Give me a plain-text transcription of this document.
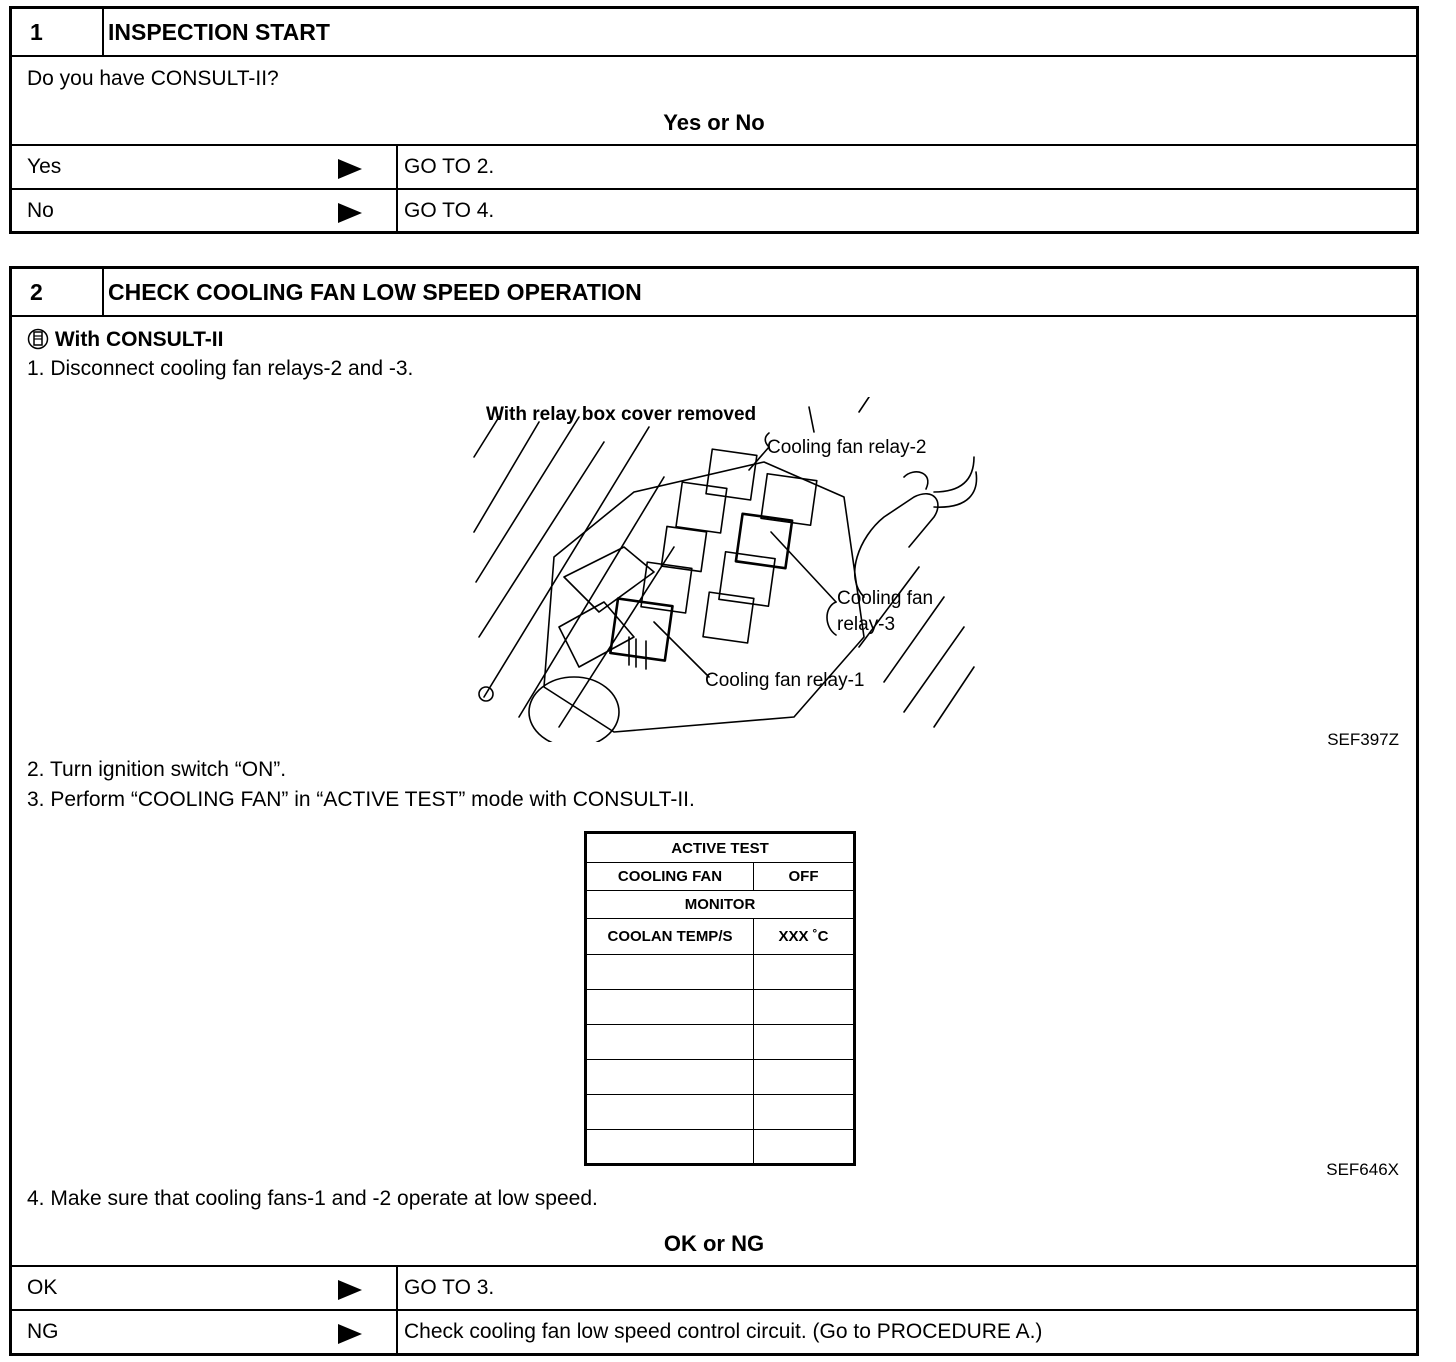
1	INSPECTION START
Do you have CONSULT-II?
Yes or No
Yes	GO TO 2.
No	GO TO 4.
2	CHECK COOLING FAN LOW SPEED OPERATION
With CONSULT-II
1. Disconnect cooling fan relays-2 and -3.
With relay box cover removed
Cooling fan relay-2
Cooling fan
relay-3
Cooling fan relay-1
SEF397Z
2. Turn ignition switch “ON”.
3. Perform “COOLING FAN” in “ACTIVE TEST” mode with CONSULT-II.
ACTIVE TEST	
COOLING FAN	OFF
MONITOR	
COOLAN TEMP/S	XXX ˚C

SEF646X
4. Make sure that cooling fans-1 and -2 operate at low speed.
OK or NG
OK	GO TO 3.
NG	Check cooling fan low speed control circuit. (Go to PROCEDURE A.)
